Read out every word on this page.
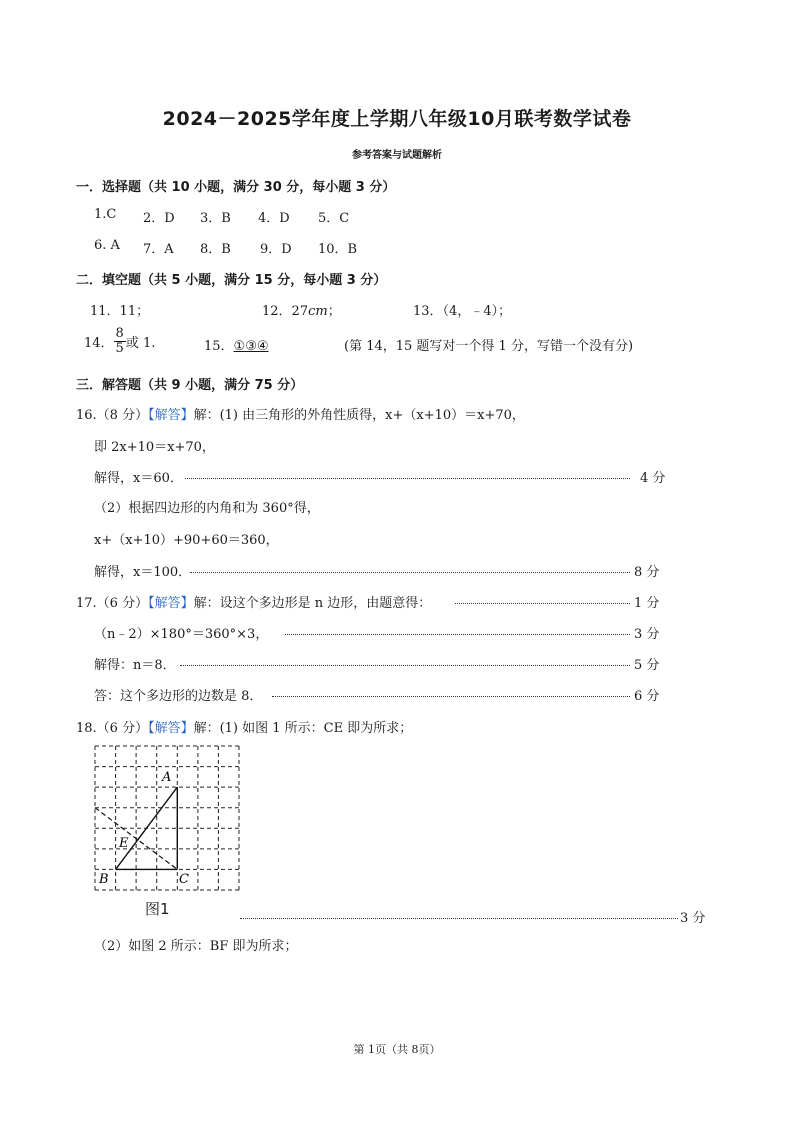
2024－2025学年度上学期八年级10月联考数学试卷
参考答案与试题解析
一．选择题（共 10 小题，满分 30 分，每小题 3 分）
1.C 2．D 3．B 4．D 5．C
6. A 7．A 8．B 9．D 10．B
二．填空题（共 5 小题，满分 15 分，每小题 3 分）
11．11；	12．27cm；	13．（4，﹣4）；
14． $\frac{8}{5}$ 或 1.	15．①③④	(第 14，15 题写对一个得 1 分，写错一个没有分)
三．解答题（共 9 小题，满分 75 分）
16.（8 分）【解答】解：(1) 由三角形的外角性质得，x+（x+10）＝x+70，
即 2x+10＝x+70，
解得，x＝60．	4 分
（2）根据四边形的内角和为 360°得，
x+（x+10）+90+60＝360，
解得，x＝100．	8 分
17.（6 分）【解答】解：设这个多边形是 n 边形，由题意得：	1 分
（n﹣2）×180°＝360°×3，	3 分
解得：n＝8．	5 分
答：这个多边形的边数是 8．	6 分
18.（6 分）【解答】解：(1) 如图 1 所示：CE 即为所求；
A
E
B	C
图1
3 分
（2）如图 2 所示：BF 即为所求；
第 1页（共 8页）
